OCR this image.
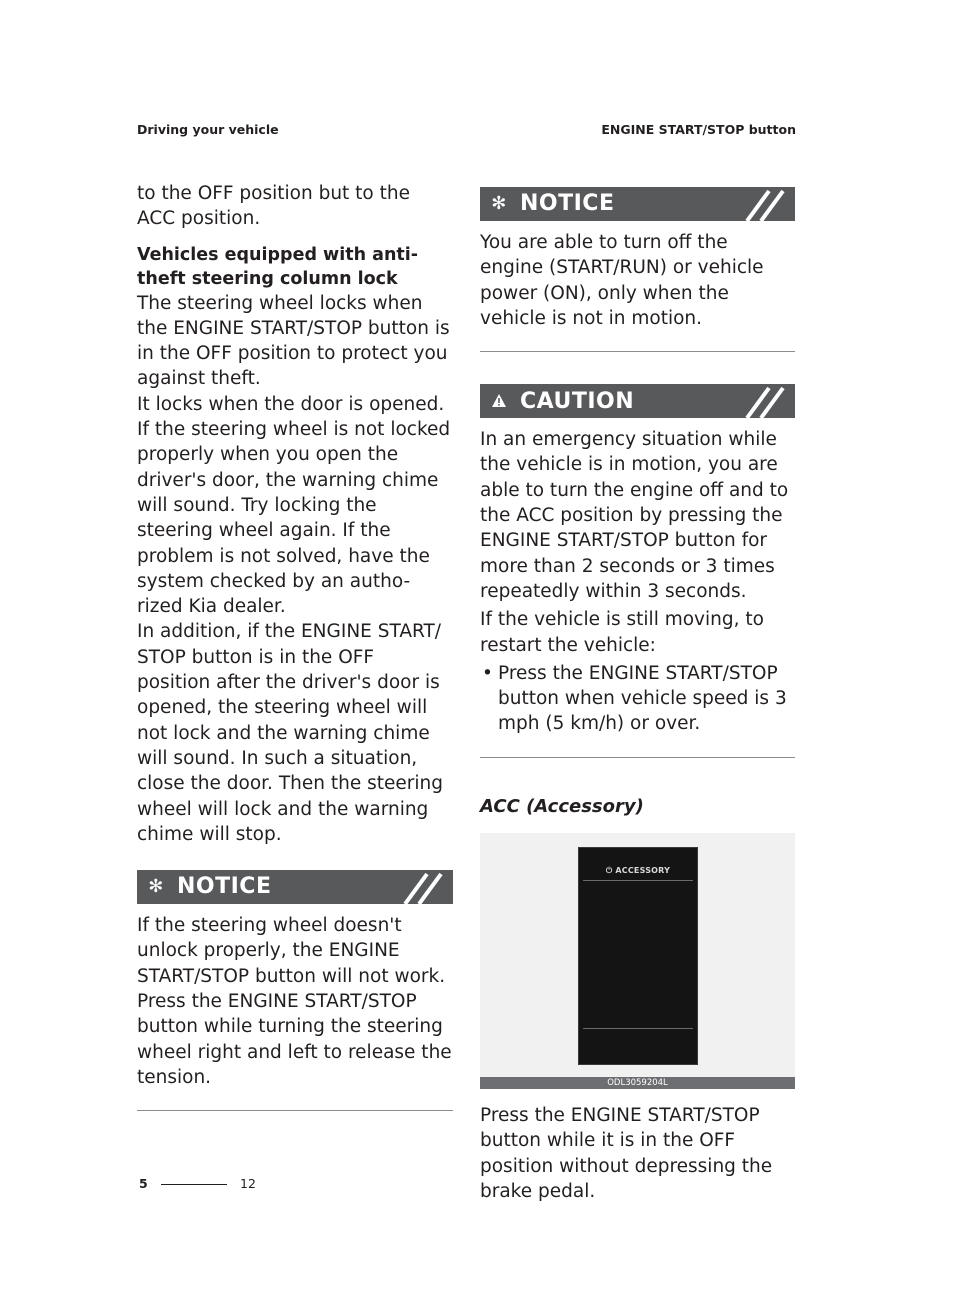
Driving your vehicle	ENGINE START/STOP button

to the OFF position but to the ACC position.

Vehicles equipped with anti-theft steering column lock

The steering wheel locks when the ENGINE START/STOP button is in the OFF position to protect you against theft.

It locks when the door is opened.

If the steering wheel is not locked properly when you open the driver's door, the warning chime will sound. Try locking the steering wheel again. If the problem is not solved, have the system checked by an autho-rized Kia dealer.

In addition, if the ENGINE START/ STOP button is in the OFF position after the driver's door is opened, the steering wheel will not lock and the warning chime will sound. In such a situation, close the door. Then the steering wheel will lock and the warning chime will stop.

✻ NOTICE

If the steering wheel doesn't unlock properly, the ENGINE START/STOP button will not work. Press the ENGINE START/STOP button while turning the steering wheel right and left to release the tension.

✻ NOTICE

You are able to turn off the engine (START/RUN) or vehicle power (ON), only when the vehicle is not in motion.

CAUTION

In an emergency situation while the vehicle is in motion, you are able to turn the engine off and to the ACC position by pressing the ENGINE START/STOP button for more than 2 seconds or 3 times repeatedly within 3 seconds.

If the vehicle is still moving, to restart the vehicle:

• Press the ENGINE START/STOP button when vehicle speed is 3 mph (5 km/h) or over.

ACC (Accessory)

⏻ ACCESSORY
ODL3059204L

Press the ENGINE START/STOP button while it is in the OFF position without depressing the brake pedal.

5	12
